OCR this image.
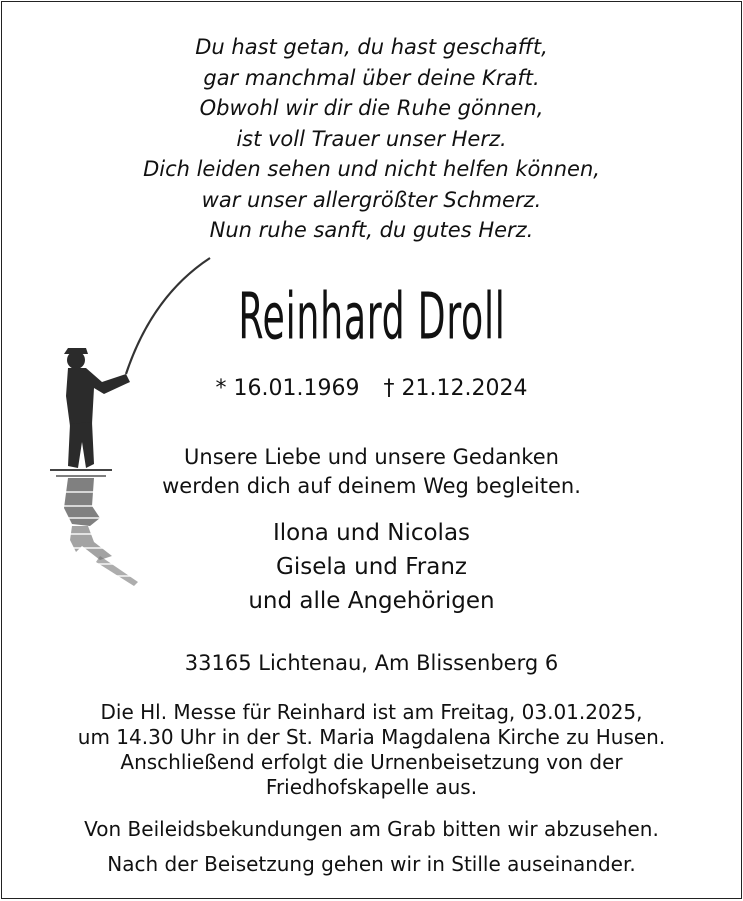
Du hast getan, du hast geschafft,
gar manchmal über deine Kraft.
Obwohl wir dir die Ruhe gönnen,
ist voll Trauer unser Herz.
Dich leiden sehen und nicht helfen können,
war unser allergrößter Schmerz.
Nun ruhe sanft, du gutes Herz.
Reinhard Droll
* 16.01.1969 † 21.12.2024
Unsere Liebe und unsere Gedanken
werden dich auf deinem Weg begleiten.
Ilona und Nicolas
Gisela und Franz
und alle Angehörigen
33165 Lichtenau, Am Blissenberg 6
Die Hl. Messe für Reinhard ist am Freitag, 03.01.2025,
um 14.30 Uhr in der St. Maria Magdalena Kirche zu Husen.
Anschließend erfolgt die Urnenbeisetzung von der
Friedhofskapelle aus.
Von Beileidsbekundungen am Grab bitten wir abzusehen.
Nach der Beisetzung gehen wir in Stille auseinander.
